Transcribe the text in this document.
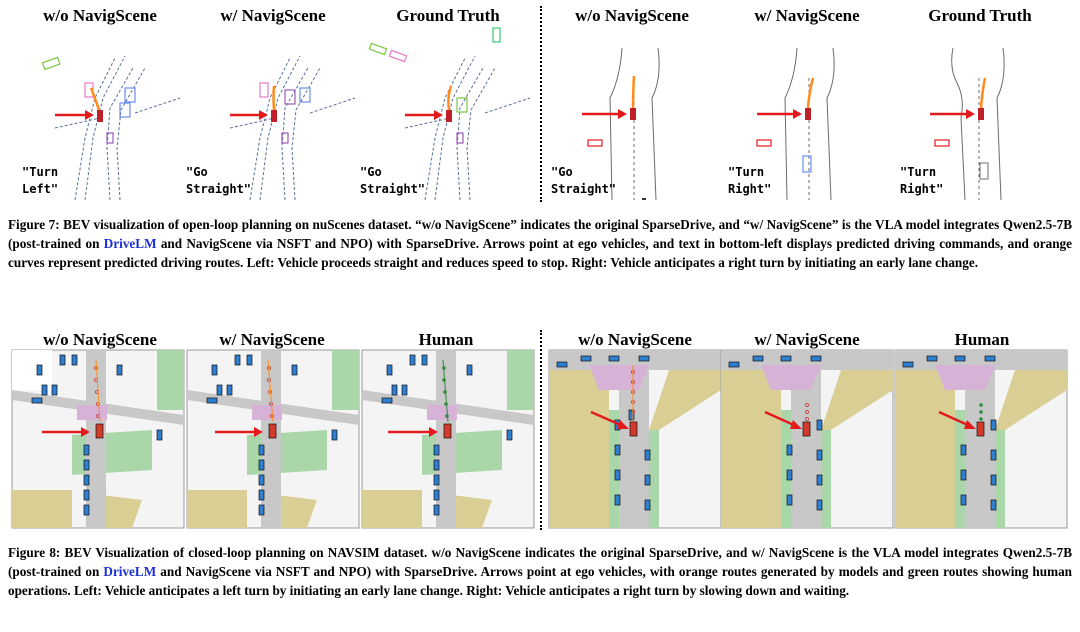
w/o NavigScene	w/ NavigScene	Ground Truth	w/o NavigScene	w/ NavigScene	Ground Truth
"Turn
Left"
"Go
Straight"
"Go
Straight"
"Go
Straight"
"Turn
Right"
"Turn
Right"
Figure 7: BEV visualization of open-loop planning on nuScenes dataset. “w/o NavigScene” indicates the original SparseDrive, and “w/ NavigScene” is the VLA model integrates Qwen2.5-7B (post-trained on DriveLM and NavigScene via NSFT and NPO) with SparseDrive. Arrows point at ego vehicles, and text in bottom-left displays predicted driving commands, and orange curves represent predicted driving routes. Left: Vehicle proceeds straight and reduces speed to stop. Right: Vehicle anticipates a right turn by initiating an early lane change.
w/o NavigScene	w/ NavigScene	Human	w/o NavigScene	w/ NavigScene	Human
Figure 8: BEV Visualization of closed-loop planning on NAVSIM dataset. w/o NavigScene indicates the original SparseDrive, and w/ NavigScene is the VLA model integrates Qwen2.5-7B (post-trained on DriveLM and NavigScene via NSFT and NPO) with SparseDrive. Arrows point at ego vehicles, with orange routes generated by models and green routes showing human operations. Left: Vehicle anticipates a left turn by initiating an early lane change. Right: Vehicle anticipates a right turn by slowing down and waiting.
